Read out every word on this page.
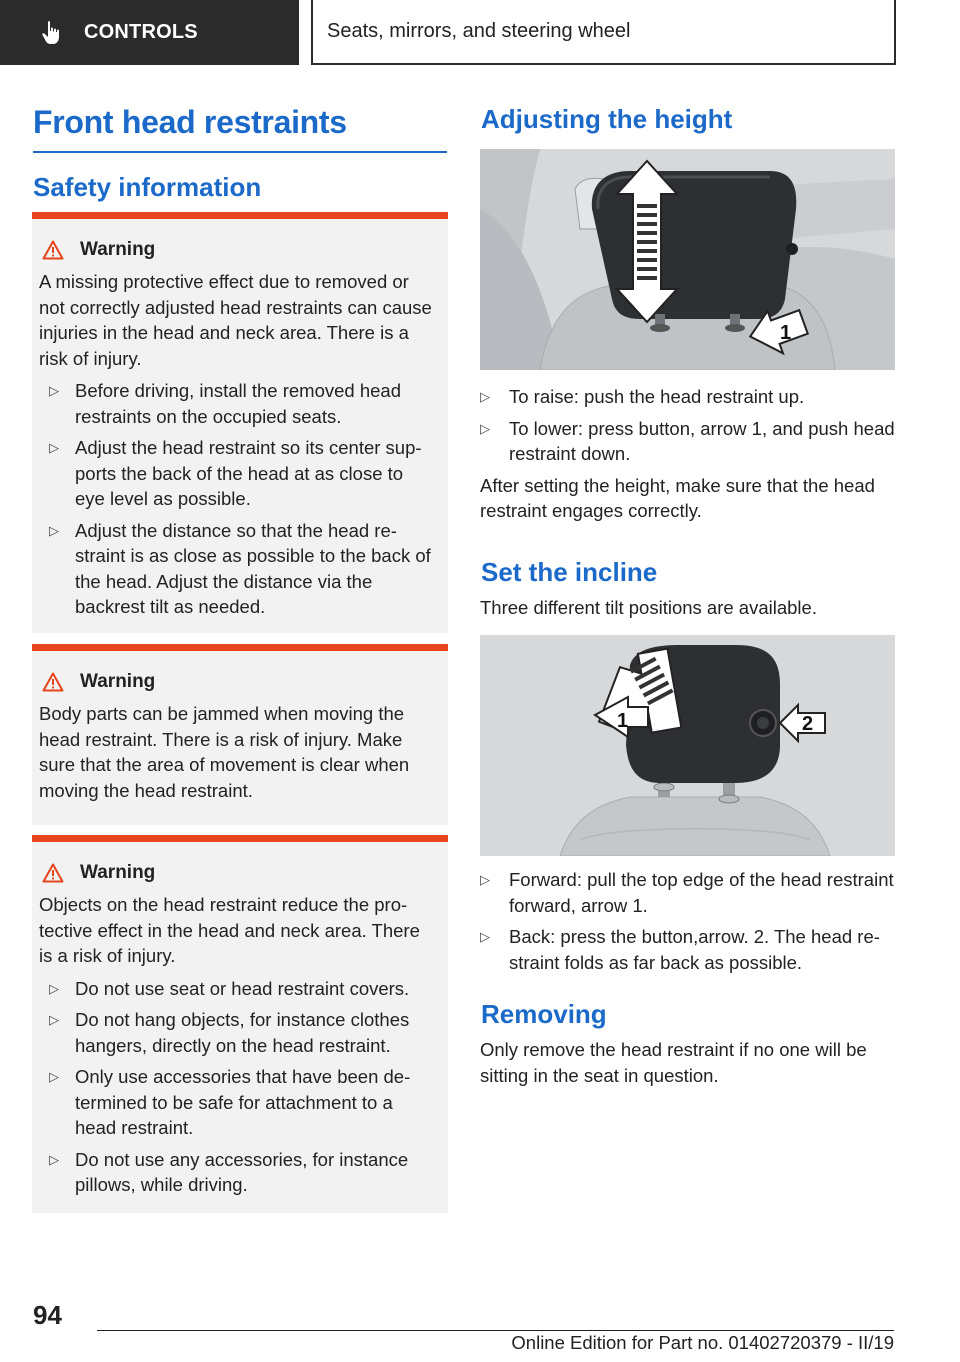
CONTROLS	Seats, mirrors, and steering wheel
Front head restraints
Safety information
Warning

A missing protective effect due to removed or not correctly adjusted head restraints can cause injuries in the head and neck area. There is a risk of injury.

▷ Before driving, install the removed head restraints on the occupied seats.
▷ Adjust the head restraint so its center supports the back of the head at as close to eye level as possible.
▷ Adjust the distance so that the head restraint is as close as possible to the back of the head. Adjust the distance via the backrest tilt as needed.
Warning

Body parts can be jammed when moving the head restraint. There is a risk of injury. Make sure that the area of movement is clear when moving the head restraint.

Warning

Objects on the head restraint reduce the protective effect in the head and neck area. There is a risk of injury.

▷ Do not use seat or head restraint covers.
▷ Do not hang objects, for instance clothes hangers, directly on the head restraint.
▷ Only use accessories that have been determined to be safe for attachment to a head restraint.
▷ Do not use any accessories, for instance pillows, while driving.
Adjusting the height
1
▷	To raise: push the head restraint up.
▷	To lower: press button, arrow 1, and push head restraint down.

After setting the height, make sure that the head restraint engages correctly.

Set the incline

Three different tilt positions are available.

1	2
▷	Forward: pull the top edge of the head restraint forward, arrow 1.
▷	Back: press the button,arrow. 2. The head restraint folds as far back as possible.
Removing

Only remove the head restraint if no one will be sitting in the seat in question.

94
Online Edition for Part no. 01402720379 - II/19
